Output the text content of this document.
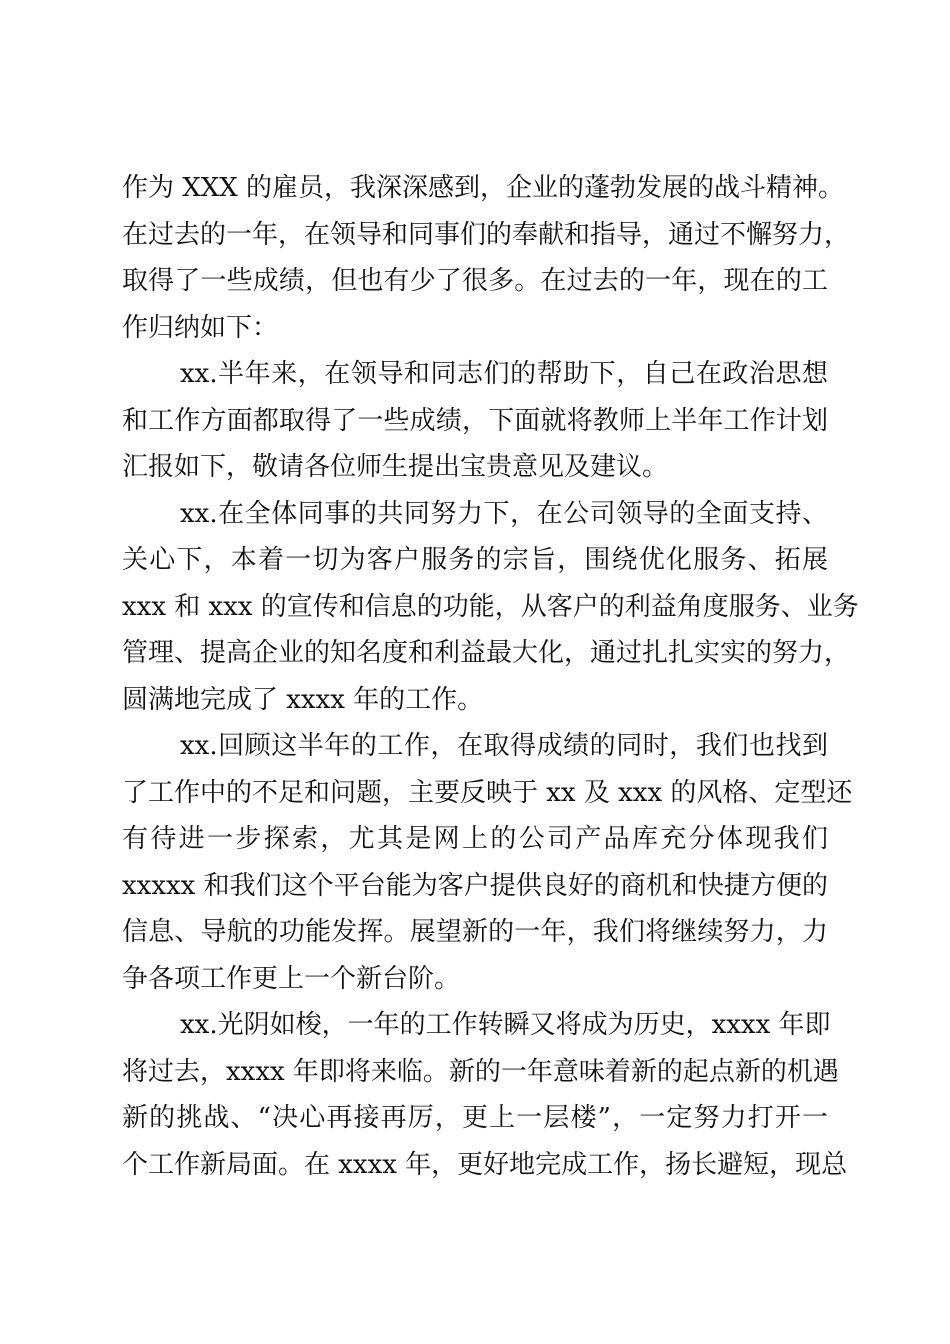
作为 XXX 的雇员，我深深感到，企业的蓬勃发展的战斗精神。
在过去的一年，在领导和同事们的奉献和指导，通过不懈努力，
取得了一些成绩，但也有少了很多。在过去的一年，现在的工
作归纳如下：
xx.半年来，在领导和同志们的帮助下，自己在政治思想
和工作方面都取得了一些成绩，下面就将教师上半年工作计划
汇报如下，敬请各位师生提出宝贵意见及建议。
xx.在全体同事的共同努力下，在公司领导的全面支持、
关心下，本着一切为客户服务的宗旨，围绕优化服务、拓展
xxx 和 xxx 的宣传和信息的功能，从客户的利益角度服务、业务
管理、提高企业的知名度和利益最大化，通过扎扎实实的努力，
圆满地完成了 xxxx 年的工作。
xx.回顾这半年的工作，在取得成绩的同时，我们也找到
了工作中的不足和问题，主要反映于 xx 及 xxx 的风格、定型还
有待进一步探索，尤其是网上的公司产品库充分体现我们
xxxxx 和我们这个平台能为客户提供良好的商机和快捷方便的
信息、导航的功能发挥。展望新的一年，我们将继续努力，力
争各项工作更上一个新台阶。
xx.光阴如梭，一年的工作转瞬又将成为历史，xxxx 年即
将过去，xxxx 年即将来临。新的一年意味着新的起点新的机遇
新的挑战、“决心再接再厉，更上一层楼”，一定努力打开一
个工作新局面。在 xxxx 年，更好地完成工作，扬长避短，现总
